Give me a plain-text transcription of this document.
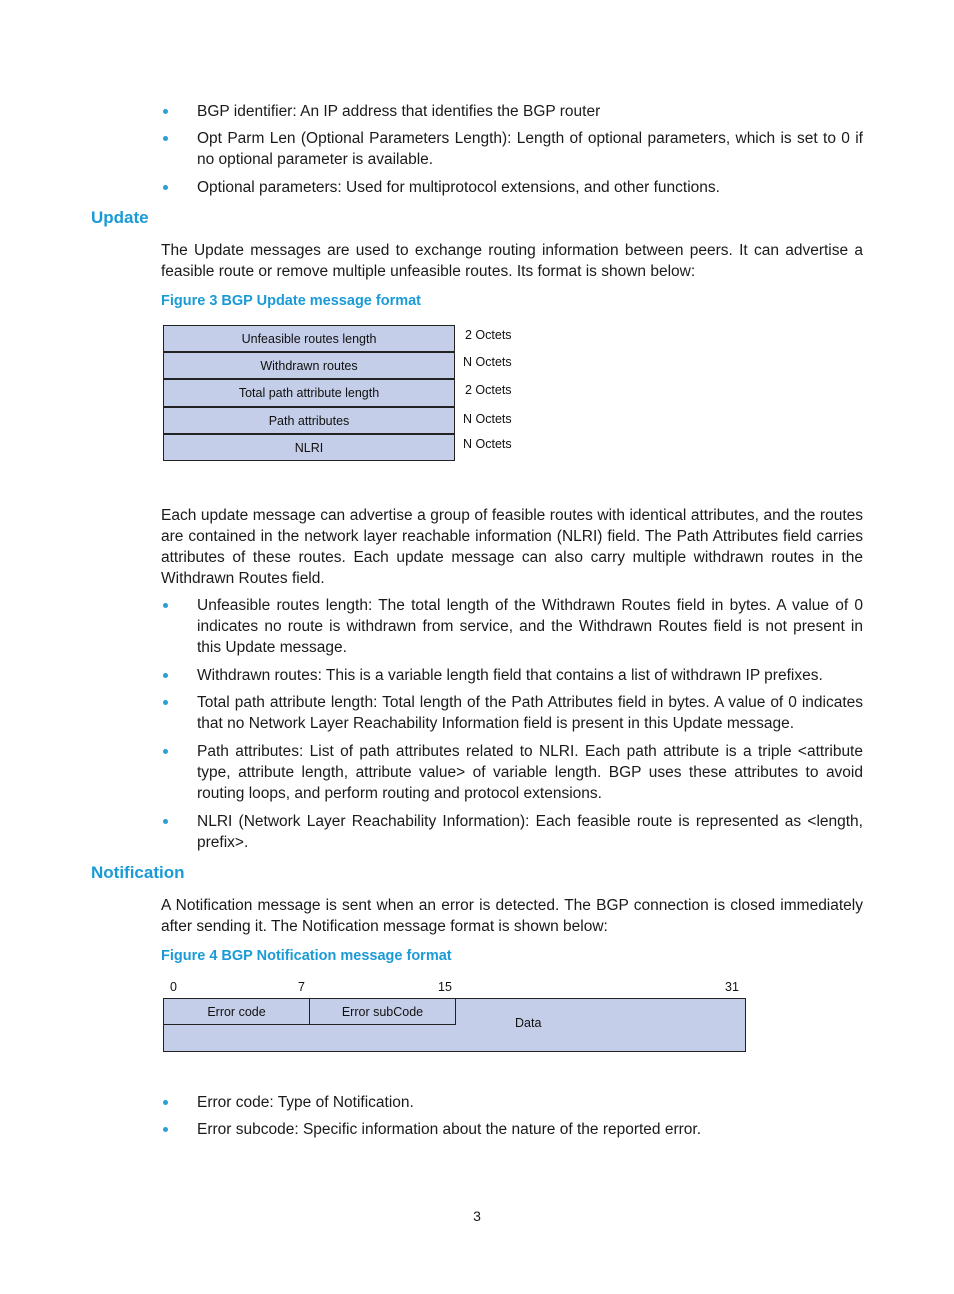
BGP identifier: An IP address that identifies the BGP router
Opt Parm Len (Optional Parameters Length): Length of optional parameters, which is set to 0 if no optional parameter is available.
Optional parameters: Used for multiprotocol extensions, and other functions.
Update
The Update messages are used to exchange routing information between peers. It can advertise a feasible route or remove multiple unfeasible routes. Its format is shown below:
Figure 3 BGP Update message format
Unfeasible routes length	2 Octets
Withdrawn routes	N Octets
Total path attribute length	2 Octets
Path attributes	N Octets
NLRI	N Octets
Each update message can advertise a group of feasible routes with identical attributes, and the routes are contained in the network layer reachable information (NLRI) field. The Path Attributes field carries attributes of these routes. Each update message can also carry multiple withdrawn routes in the Withdrawn Routes field.
Unfeasible routes length: The total length of the Withdrawn Routes field in bytes. A value of 0 indicates no route is withdrawn from service, and the Withdrawn Routes field is not present in this Update message.
Withdrawn routes: This is a variable length field that contains a list of withdrawn IP prefixes.
Total path attribute length: Total length of the Path Attributes field in bytes. A value of 0 indicates that no Network Layer Reachability Information field is present in this Update message.
Path attributes: List of path attributes related to NLRI. Each path attribute is a triple <attribute type, attribute length, attribute value> of variable length. BGP uses these attributes to avoid routing loops, and perform routing and protocol extensions.
NLRI (Network Layer Reachability Information): Each feasible route is represented as <length, prefix>.
Notification
A Notification message is sent when an error is detected. The BGP connection is closed immediately after sending it. The Notification message format is shown below:
Figure 4 BGP Notification message format
0	7	15	31
Error code	Error subCode
Data
Error code: Type of Notification.
Error subcode: Specific information about the nature of the reported error.
3
